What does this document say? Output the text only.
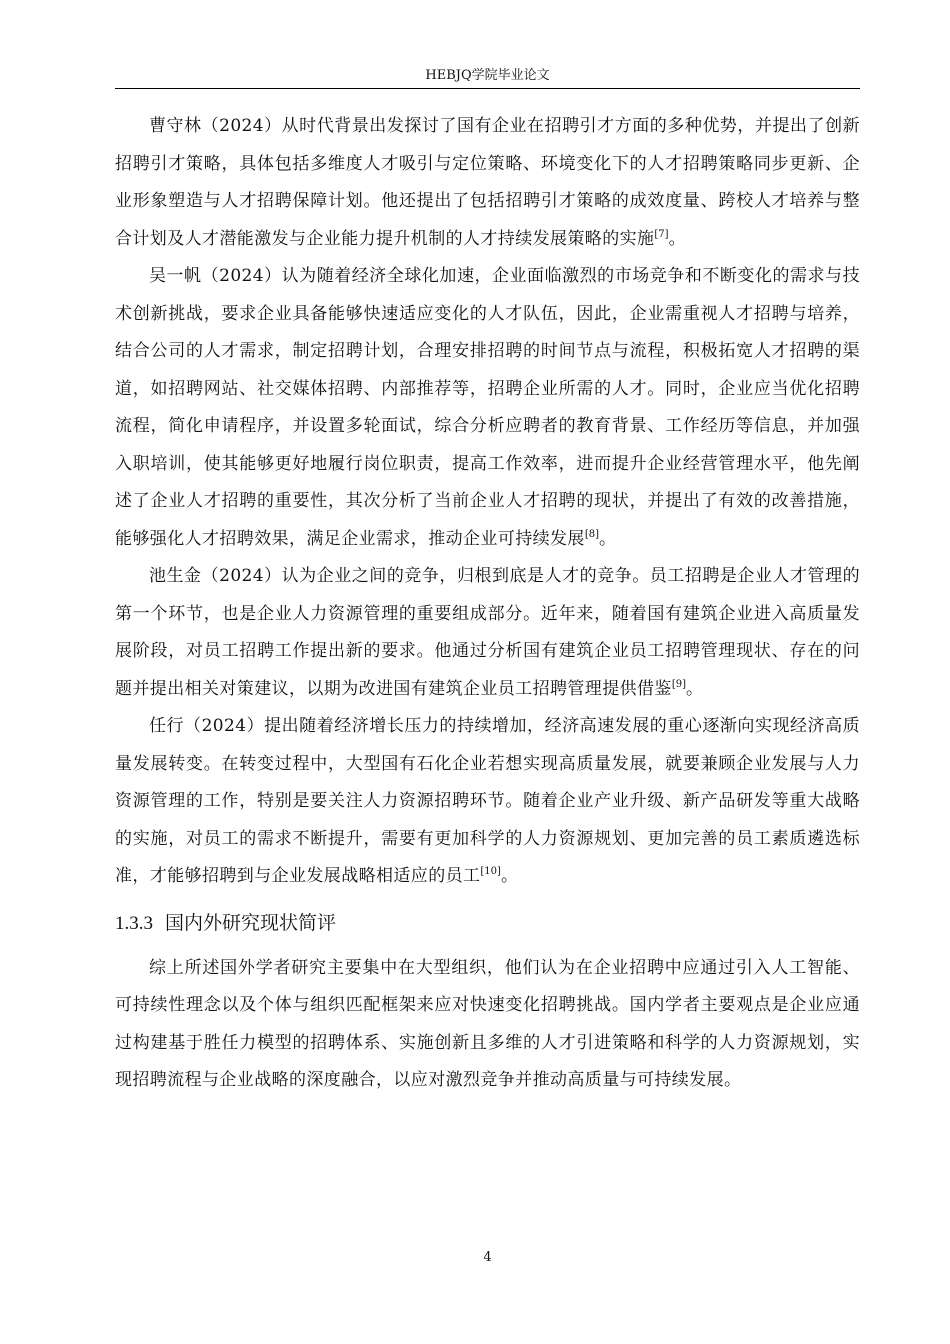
HEBJQ学院毕业论文

曹守林（2024）从时代背景出发探讨了国有企业在招聘引才方面的多种优势，并提出了创新招聘引才策略，具体包括多维度人才吸引与定位策略、环境变化下的人才招聘策略同步更新、企业形象塑造与人才招聘保障计划。他还提出了包括招聘引才策略的成效度量、跨校人才培养与整合计划及人才潜能激发与企业能力提升机制的人才持续发展策略的实施[7]。

吴一帆（2024）认为随着经济全球化加速，企业面临激烈的市场竞争和不断变化的需求与技术创新挑战，要求企业具备能够快速适应变化的人才队伍，因此，企业需重视人才招聘与培养，结合公司的人才需求，制定招聘计划，合理安排招聘的时间节点与流程，积极拓宽人才招聘的渠道，如招聘网站、社交媒体招聘、内部推荐等，招聘企业所需的人才。同时，企业应当优化招聘流程，简化申请程序，并设置多轮面试，综合分析应聘者的教育背景、工作经历等信息，并加强入职培训，使其能够更好地履行岗位职责，提高工作效率，进而提升企业经营管理水平，他先阐述了企业人才招聘的重要性，其次分析了当前企业人才招聘的现状，并提出了有效的改善措施，能够强化人才招聘效果，满足企业需求，推动企业可持续发展[8]。

池生金（2024）认为企业之间的竞争，归根到底是人才的竞争。员工招聘是企业人才管理的第一个环节，也是企业人力资源管理的重要组成部分。近年来，随着国有建筑企业进入高质量发展阶段，对员工招聘工作提出新的要求。他通过分析国有建筑企业员工招聘管理现状、存在的问题并提出相关对策建议，以期为改进国有建筑企业员工招聘管理提供借鉴[9]。

任行（2024）提出随着经济增长压力的持续增加，经济高速发展的重心逐渐向实现经济高质量发展转变。在转变过程中，大型国有石化企业若想实现高质量发展，就要兼顾企业发展与人力资源管理的工作，特别是要关注人力资源招聘环节。随着企业产业升级、新产品研发等重大战略的实施，对员工的需求不断提升，需要有更加科学的人力资源规划、更加完善的员工素质遴选标准，才能够招聘到与企业发展战略相适应的员工[10]。

1.3.3 国内外研究现状简评

综上所述国外学者研究主要集中在大型组织，他们认为在企业招聘中应通过引入人工智能、可持续性理念以及个体与组织匹配框架来应对快速变化招聘挑战。国内学者主要观点是企业应通过构建基于胜任力模型的招聘体系、实施创新且多维的人才引进策略和科学的人力资源规划，实现招聘流程与企业战略的深度融合，以应对激烈竞争并推动高质量与可持续发展。

4
